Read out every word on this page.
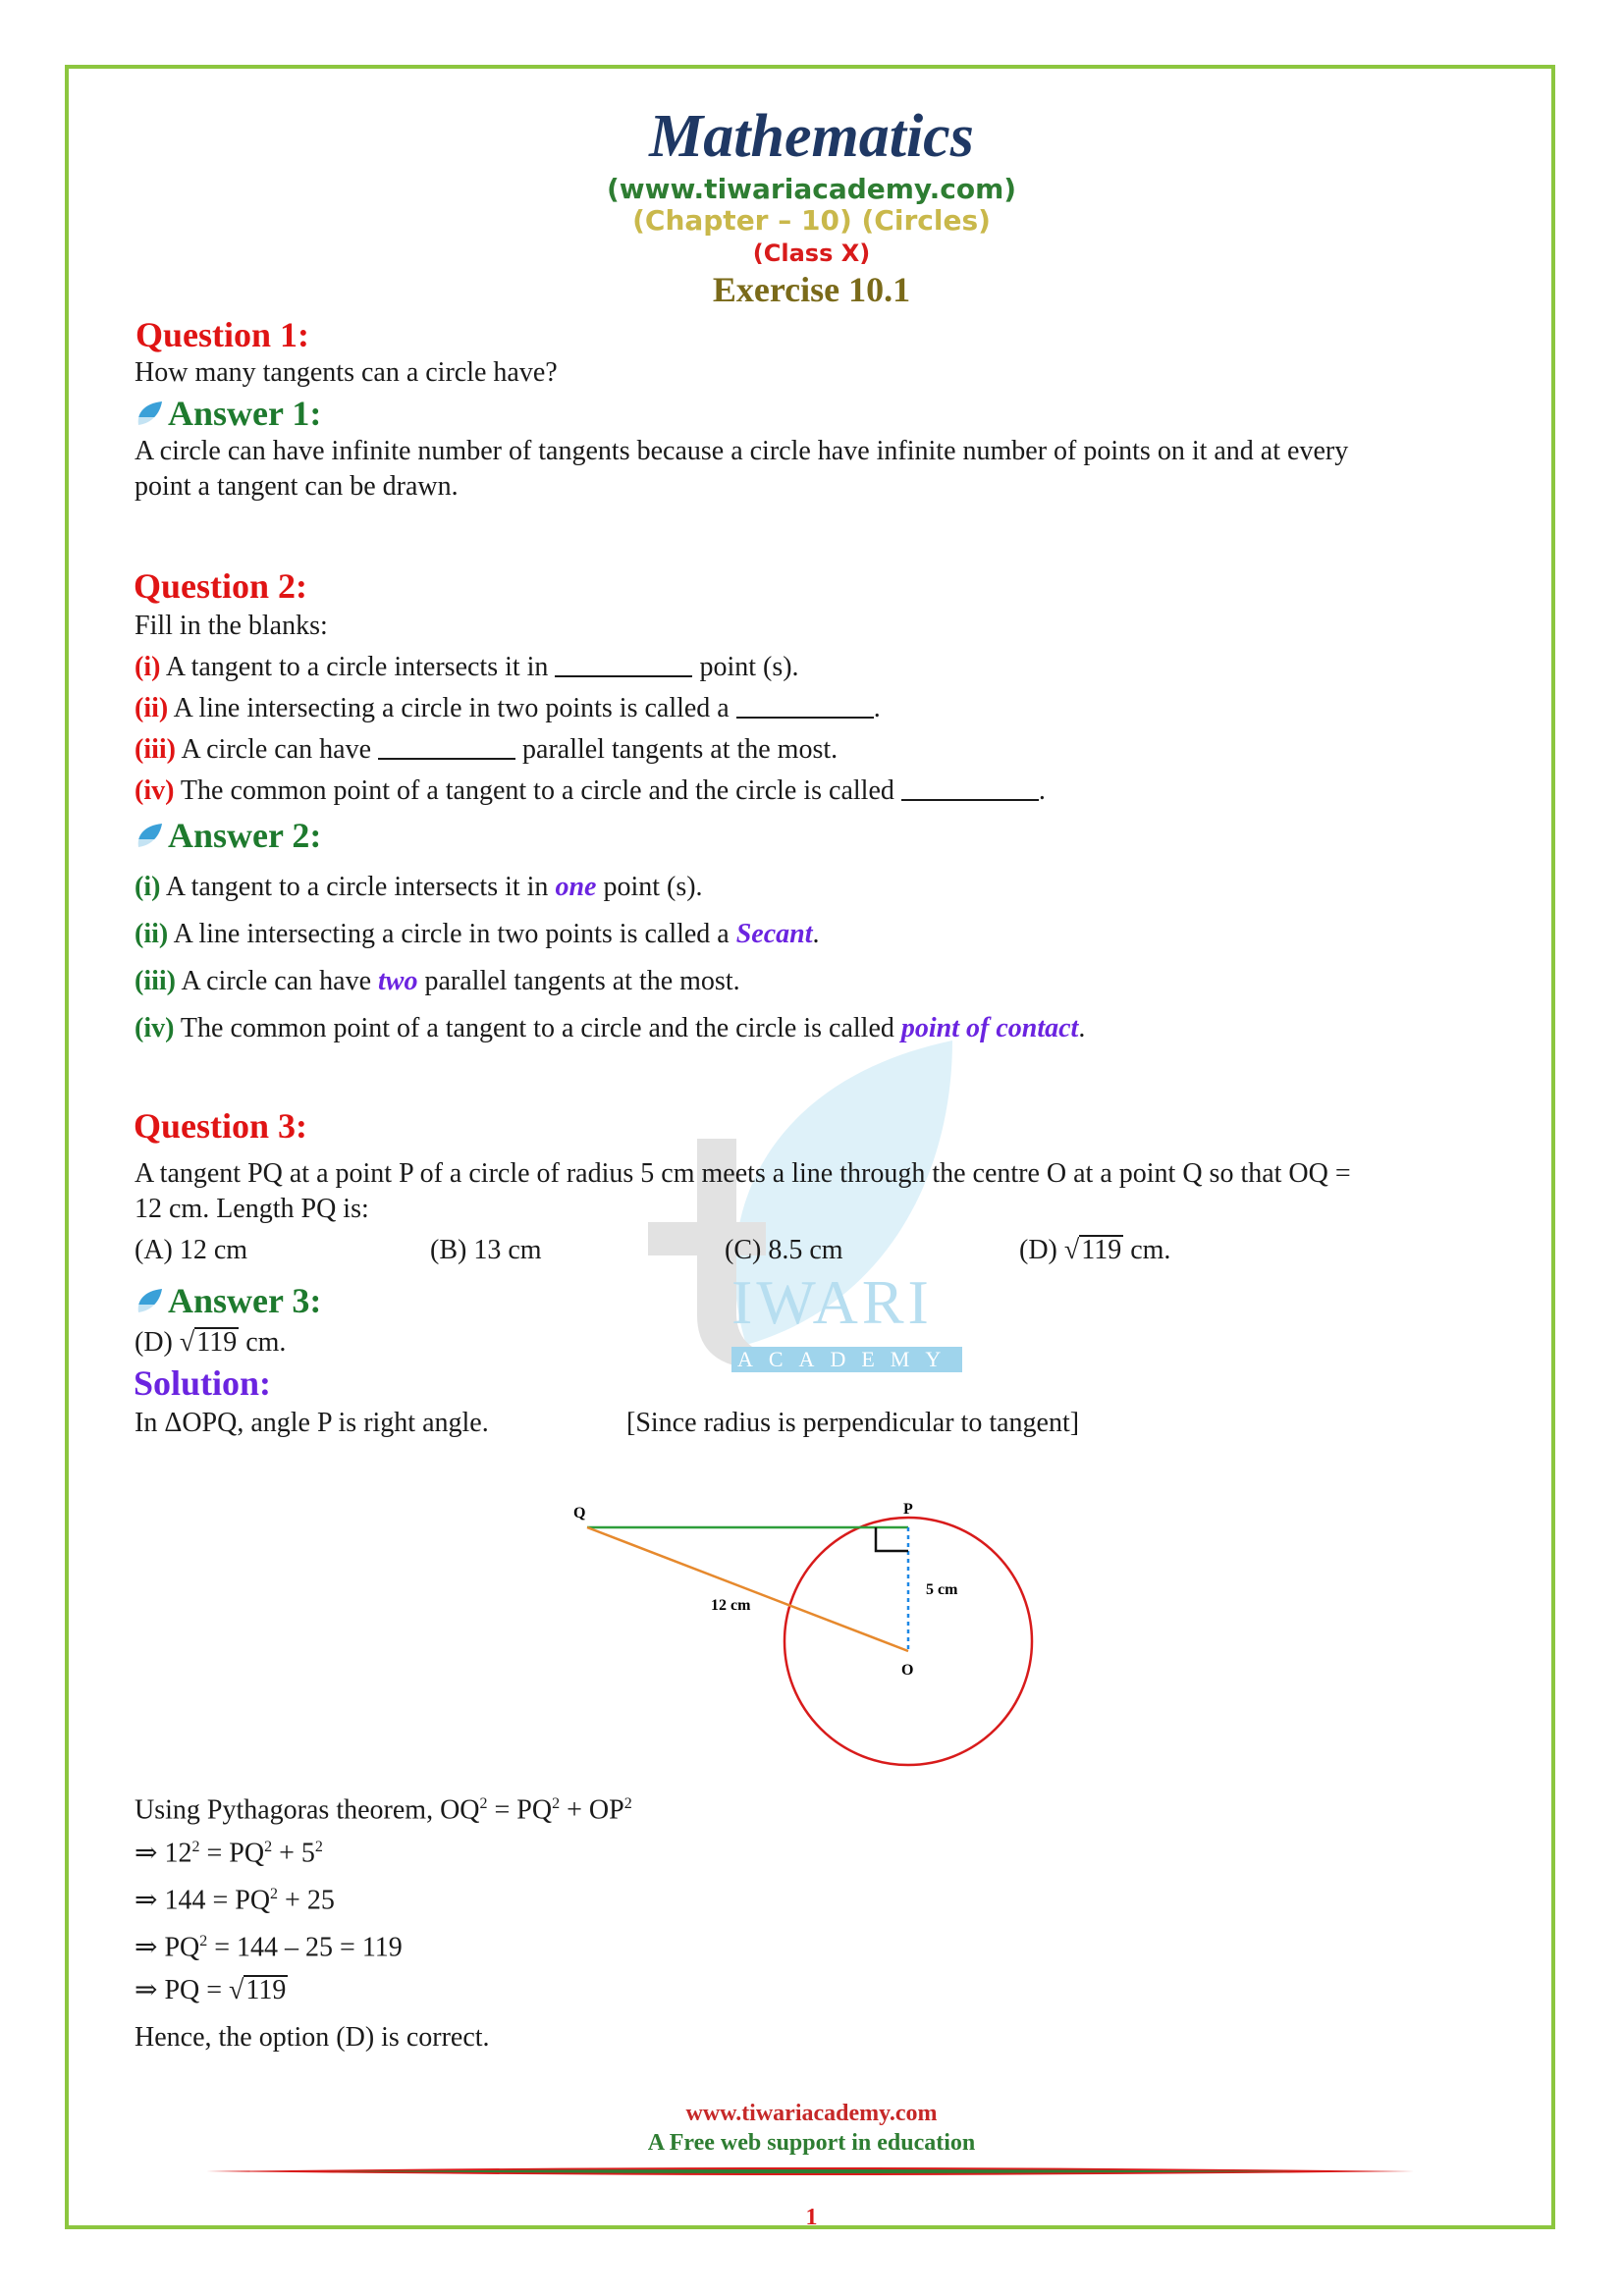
IWARI
ACADEMY
Mathematics
(www.tiwariacademy.com)
(Chapter – 10) (Circles)
(Class X)
Exercise 10.1
Question 1:
How many tangents can a circle have?
Answer 1:
A circle can have infinite number of tangents because a circle have infinite number of points on it and at every
point a tangent can be drawn.
Question 2:
Fill in the blanks:
(i) A tangent to a circle intersects it in	point (s).
(ii) A line intersecting a circle in two points is called a	.
(iii) A circle can have	parallel tangents at the most.
(iv) The common point of a tangent to a circle and the circle is called	.
Answer 2:
(i) A tangent to a circle intersects it in one point (s).
(ii) A line intersecting a circle in two points is called a Secant.
(iii) A circle can have two parallel tangents at the most.
(iv) The common point of a tangent to a circle and the circle is called point of contact.
Question 3:
A tangent PQ at a point P of a circle of radius 5 cm meets a line through the centre O at a point Q so that OQ =
12 cm. Length PQ is:
(A) 12 cm	(B) 13 cm	(C) 8.5 cm	(D) √119 cm.
Answer 3:
(D) √119 cm.
Solution:
In ΔOPQ, angle P is right angle.	[Since radius is perpendicular to tangent]
Q	P
O
12 cm
5 cm
Using Pythagoras theorem, $OQ^2 = PQ^2 + OP^2$
⇒ $12^2 = PQ^2 + 5^2$
⇒ $144 = PQ^2 + 25$
⇒ $PQ^2 = 144 - 25 = 119$
⇒ PQ = √119
Hence, the option (D) is correct.
www.tiwariacademy.com
A Free web support in education
1
